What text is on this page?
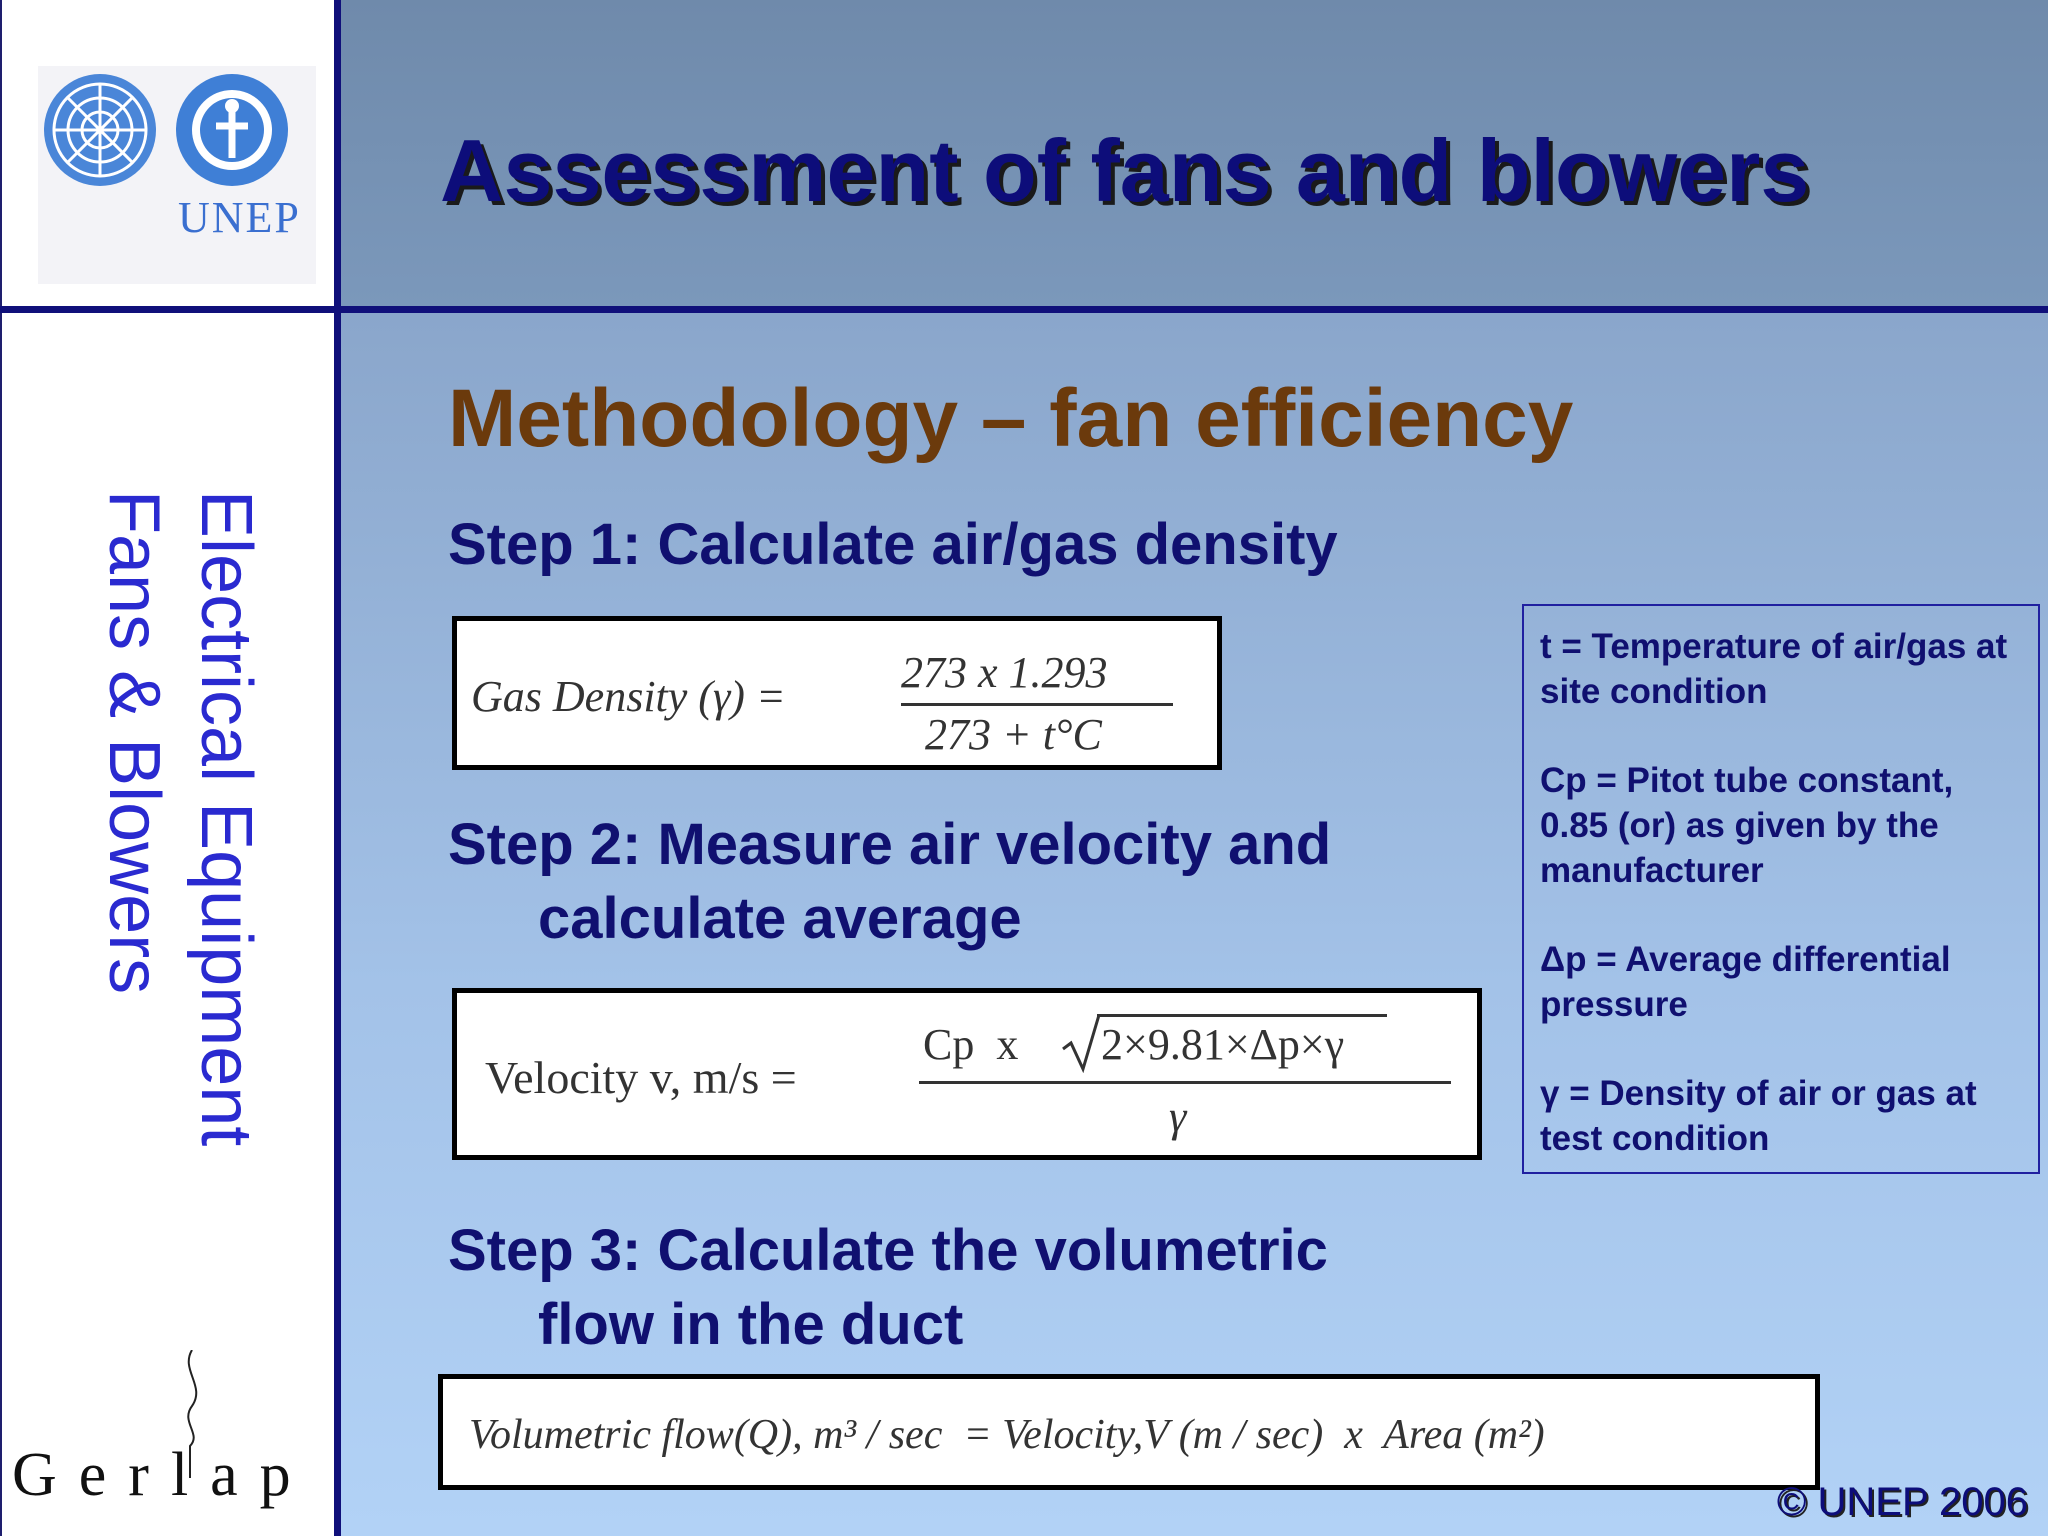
UNEP
Electrical Equipment
Fans & Blowers
Gerlap
Assessment of fans and blowers
Methodology – fan efficiency

Step 1: Calculate air/gas density

Gas Density (γ) =	273 x 1.293
273 + t°C

Step 2: Measure air velocity and
calculate average

Velocity v, m/s =
Cp  x 2×9.81×Δp×γ
γ

Step 3: Calculate the volumetric
flow in the duct

Volumetric flow(Q), m³ / sec  = Velocity,V (m / sec)  x  Area (m²)

t = Temperature of air/gas at site condition

Cp = Pitot tube constant, 0.85 (or) as given by the manufacturer

Δp = Average differential pressure

γ = Density of air or gas at test condition

© UNEP 2006
